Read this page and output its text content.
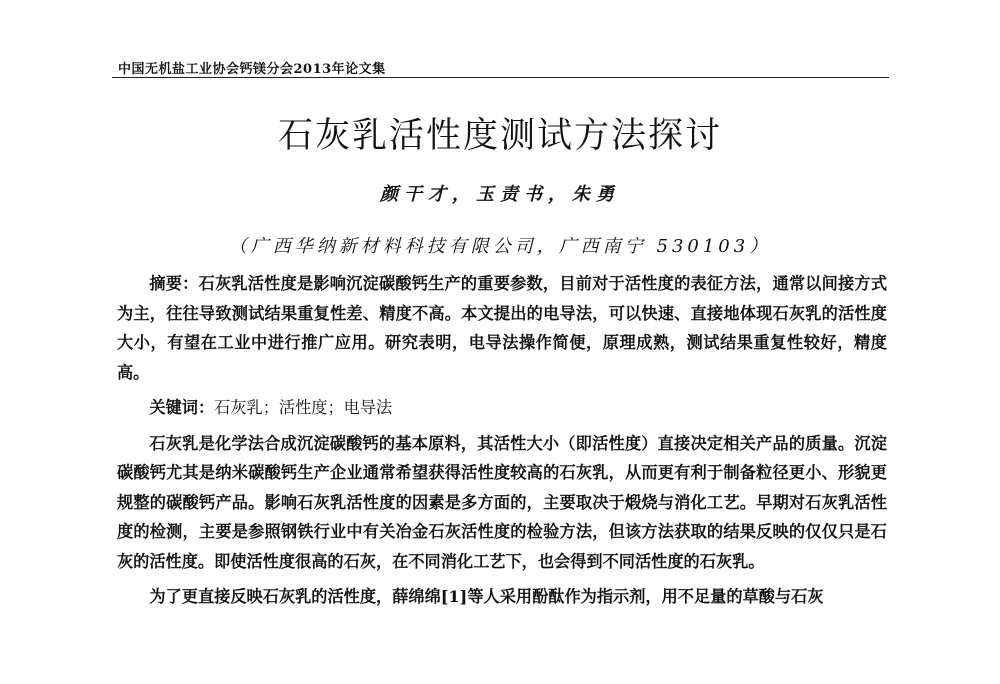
中国无机盐工业协会钙镁分会2013年论文集
石灰乳活性度测试方法探讨
颜干才，玉责书，朱勇
（广西华纳新材料科技有限公司，广西南宁 530103）

摘要：石灰乳活性度是影响沉淀碳酸钙生产的重要参数，目前对于活性度的表征方法，通常以间接方式为主，往往导致测试结果重复性差、精度不高。本文提出的电导法，可以快速、直接地体现石灰乳的活性度大小，有望在工业中进行推广应用。研究表明，电导法操作简便，原理成熟，测试结果重复性较好，精度高。

关键词：石灰乳；活性度；电导法

石灰乳是化学法合成沉淀碳酸钙的基本原料，其活性大小（即活性度）直接决定相关产品的质量。沉淀碳酸钙尤其是纳米碳酸钙生产企业通常希望获得活性度较高的石灰乳，从而更有利于制备粒径更小、形貌更规整的碳酸钙产品。影响石灰乳活性度的因素是多方面的，主要取决于煅烧与消化工艺。早期对石灰乳活性度的检测，主要是参照钢铁行业中有关冶金石灰活性度的检验方法，但该方法获取的结果反映的仅仅只是石灰的活性度。即使活性度很高的石灰，在不同消化工艺下，也会得到不同活性度的石灰乳。

为了更直接反映石灰乳的活性度，薛绵绵[1]等人采用酚酞作为指示剂，用不足量的草酸与石灰
